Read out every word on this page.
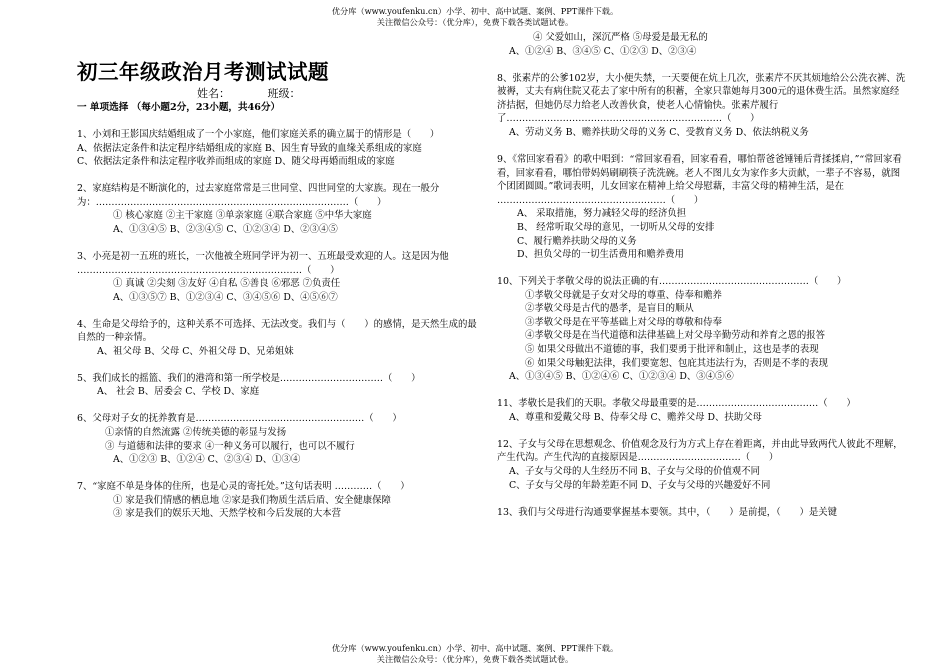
优分库（www.youfenku.cn）小学、初中、高中试题、案例、PPT课件下载。
关注微信公众号：（优分库），免费下载各类试题试卷。
初三年级政治月考测试试题
姓名：	班级：
一 单项选择 （每小题2分，23小题，共46分）

1、小刘和王影国庆结婚组成了一个小家庭，他们家庭关系的确立属于的情形是（　　）

A、依据法定条件和法定程序结婚组成的家庭 B、因生育导致的血缘关系组成的家庭

C、依据法定条件和法定程序收养而组成的家庭 D、随父母再婚而组成的家庭

2、家庭结构是不断演化的，过去家庭常常是三世同堂、四世同堂的大家族。现在一般分为：………………………………………………………………………（　　）

① 核心家庭 ②主干家庭 ③单亲家庭 ④联合家庭 ⑤中华大家庭

A、①③④⑤ B、②③④⑤ C、①②③④ D、②③④⑤

3、小亮是初一五班的班长，一次他被全班同学评为初一、五班最受欢迎的人。这是因为他 ………………………………………………………………（　　）

① 真诚 ②尖刻 ③友好 ④自私 ⑤善良 ⑥邪恶 ⑦负责任

A、①③⑤⑦ B、①②③④ C、③④⑤⑥ D、④⑤⑥⑦

4、生命是父母给予的，这种关系不可选择、无法改变。我们与（　　）的感情，是天然生成的最自然的一种亲情。

A、祖父母 B、父母 C、外祖父母 D、兄弟姐妹

5、我们成长的摇篮、我们的港湾和第一所学校是……………………………（　　）

A、 社会 B、居委会 C、学校 D、家庭

6、父母对子女的抚养教育是………………………………………………（　　）

①亲情的自然流露 ②传统美德的彰显与发扬

③ 与道德和法律的要求 ④一种义务可以履行，也可以不履行

A、①②③ B、①②④ C、②③④ D、①③④

7、“家庭不单是身体的住所，也是心灵的寄托处。”这句话表明 …………（　　）

① 家是我们情感的栖息地 ②家是我们物质生活后盾、安全健康保障

③ 家是我们的娱乐天地、天然学校和今后发展的大本营

④ 父爱如山，深沉严格 ⑤母爱是最无私的

A、①②④ B、③④⑤ C、①②③ D、②③④

8、张素芹的公爹102岁，大小便失禁，一天要便在炕上几次，张素芹不厌其烦地给公公洗衣裤、洗被褥，丈夫有病住院又花去了家中所有的积蓄，全家只靠她每月300元的退休费生活。虽然家庭经济拮据，但她仍尽力给老人改善伙食，使老人心情愉快。张素芹履行了……………………………………………………………（　　）

A、劳动义务 B、赡养扶助父母的义务 C、受教育义务 D、依法纳税义务

9、《常回家看看》的歌中唱到：“常回家看看，回家看看，哪怕帮爸爸锤锤后背揉揉肩，”“常回家看看，回家看看，哪怕带妈妈刷刷筷子洗洗碗。老人不图儿女为家作多大贡献，一辈子不容易，就图个团团圆圆。”歌词表明，儿女回家在精神上给父母慰藉，丰富父母的精神生活，是在 ………………………………………………（　　）

A、 采取措施，努力减轻父母的经济负担

B、 经常听取父母的意见，一切听从父母的安排

C、履行赡养扶助父母的义务

D、担负父母的一切生活费用和赡养费用

10、下列关于孝敬父母的说法正确的有…………………………………………（　　）

①孝敬父母就是子女对父母的尊重、侍奉和赡养

②孝敬父母是古代的愚孝，是盲目的顺从

③孝敬父母是在平等基础上对父母的尊敬和侍奉

④孝敬父母是在当代道德和法律基础上对父母辛勤劳动和养育之恩的报答

⑤ 如果父母做出不道德的事，我们要勇于批评和制止，这也是孝的表现

⑥ 如果父母触犯法律，我们要宽恕、包庇其违法行为，否则是不孝的表现

A、①③④⑤ B、①②④⑥ C、①②③④ D、③④⑤⑥

11、孝敬长是我们的天职。孝敬父母最重要的是…………………………………（　　）

A、尊重和爱戴父母 B、侍奉父母 C、赡养父母 D、扶助父母

12、子女与父母在思想观念、价值观念及行为方式上存在着距离，并由此导致两代人彼此不理解，产生代沟。产生代沟的直接原因是……………………………（　　）

A、子女与父母的人生经历不同 B、子女与父母的价值观不同

C、子女与父母的年龄差距不同 D、子女与父母的兴趣爱好不同

13、我们与父母进行沟通要掌握基本要领。其中，（　　）是前提，（　　）是关键

优分库（www.youfenku.cn）小学、初中、高中试题、案例、PPT课件下载。
关注微信公众号：（优分库），免费下载各类试题试卷。
